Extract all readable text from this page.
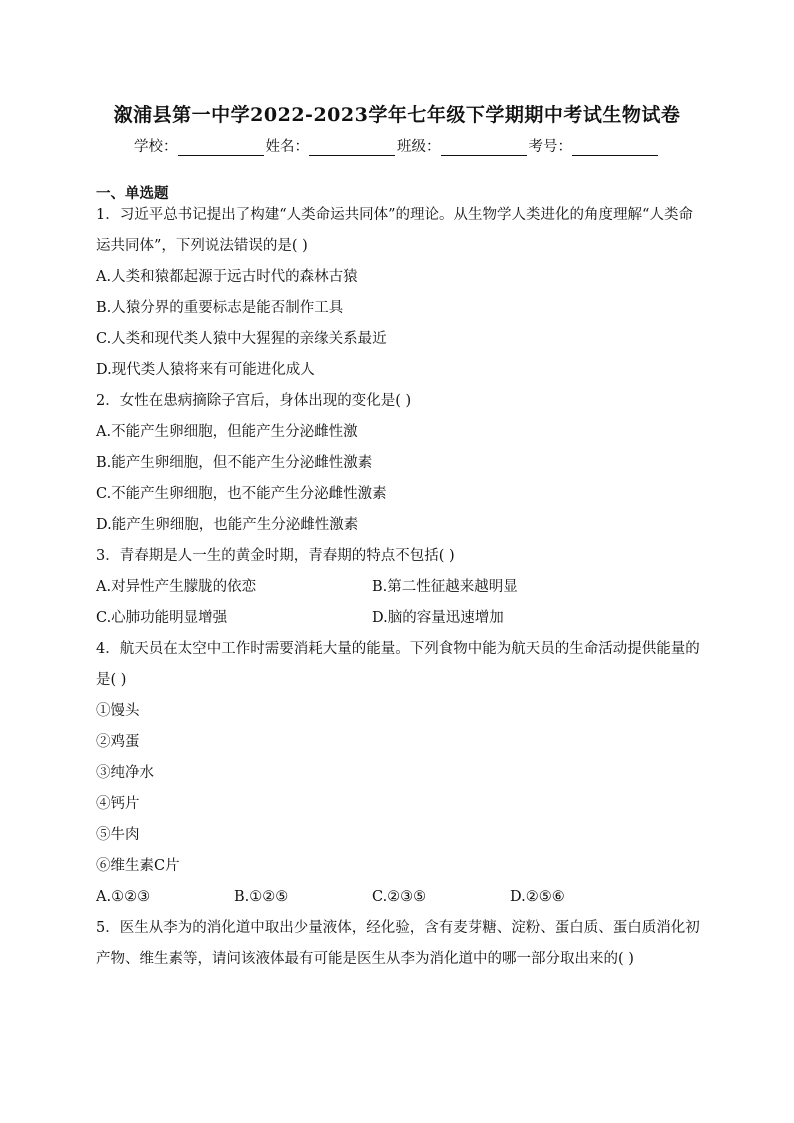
溆浦县第一中学2022-2023学年七年级下学期期中考试生物试卷
学校：	姓名：	班级：	考号：
一、单选题
1．习近平总书记提出了构建“人类命运共同体”的理论。从生物学人类进化的角度理解“人类命运共同体”，下列说法错误的是( )
A.人类和猿都起源于远古时代的森林古猿
B.人猿分界的重要标志是能否制作工具
C.人类和现代类人猿中大猩猩的亲缘关系最近
D.现代类人猿将来有可能进化成人
2．女性在患病摘除子宫后，身体出现的变化是( )
A.不能产生卵细胞，但能产生分泌雌性激
B.能产生卵细胞，但不能产生分泌雌性激素
C.不能产生卵细胞，也不能产生分泌雌性激素
D.能产生卵细胞，也能产生分泌雌性激素
3．青春期是人一生的黄金时期，青春期的特点不包括( )
A.对异性产生朦胧的依恋	B.第二性征越来越明显
C.心肺功能明显增强	D.脑的容量迅速增加
4．航天员在太空中工作时需要消耗大量的能量。下列食物中能为航天员的生命活动提供能量的是( )
①馒头
②鸡蛋
③纯净水
④钙片
⑤牛肉
⑥维生素C片
A.①②③	B.①②⑤	C.②③⑤	D.②⑤⑥
5．医生从李为的消化道中取出少量液体，经化验，含有麦芽糖、淀粉、蛋白质、蛋白质消化初产物、维生素等，请问该液体最有可能是医生从李为消化道中的哪一部分取出来的( )
